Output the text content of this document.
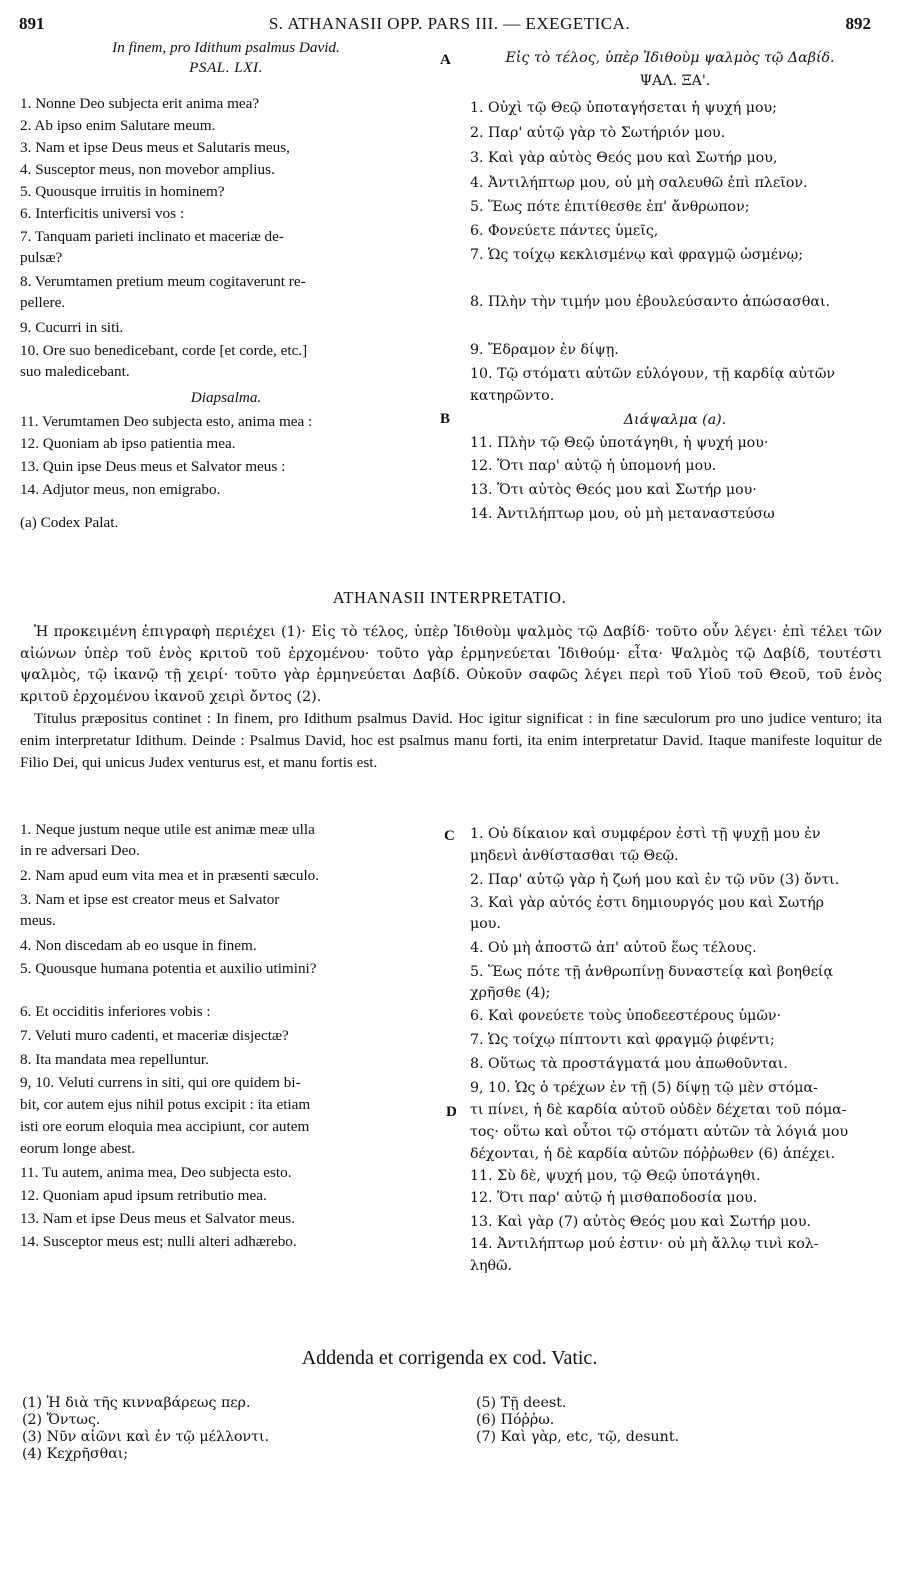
891	S. ATHANASII OPP. PARS III. — EXEGETICA.	892
In finem, pro Idithum psalmus David.
PSAL. LXI.
1. Nonne Deo subjecta erit anima mea?
2. Ab ipso enim Salutare meum.
3. Nam et ipse Deus meus et Salutaris meus,
4. Susceptor meus, non movebor amplius.
5. Quousque irruitis in hominem?
6. Interficitis universi vos :
7. Tanquam parieti inclinato et maceriæ de-
pulsæ?
8. Verumtamen pretium meum cogitaverunt re-
pellere.
9. Cucurri in siti.
10. Ore suo benedicebant, corde [et corde, etc.]
suo maledicebant.
Diapsalma.
11. Verumtamen Deo subjecta esto, anima mea :
12. Quoniam ab ipso patientia mea.
13. Quin ipse Deus meus et Salvator meus :
14. Adjutor meus, non emigrabo.
(a) Codex Palat.
A
B
C
D
Εἰς τὸ τέλος, ὑπὲρ Ἰδιθοὺμ ψαλμὸς τῷ Δαβίδ.
ΨΑΛ. ΞΑ'.
1. Οὐχὶ τῷ Θεῷ ὑποταγήσεται ἡ ψυχή μου;
2. Παρ' αὐτῷ γὰρ τὸ Σωτήριόν μου.
3. Καὶ γὰρ αὐτὸς Θεός μου καὶ Σωτήρ μου,
4. Ἀντιλήπτωρ μου, οὐ μὴ σαλευθῶ ἐπὶ πλεῖον.
5. Ἕως πότε ἐπιτίθεσθε ἐπ' ἄνθρωπον;
6. Φονεύετε πάντες ὑμεῖς,
7. Ὡς τοίχῳ κεκλισμένῳ καὶ φραγμῷ ὠσμένῳ;
8. Πλὴν τὴν τιμήν μου ἐβουλεύσαντο ἀπώσασθαι.
9. Ἔδραμον ἐν δίψῃ.
10. Τῷ στόματι αὐτῶν εὐλόγουν, τῇ καρδίᾳ αὐτῶν
κατηρῶντο.
Διάψαλμα (a).
11. Πλὴν τῷ Θεῷ ὑποτάγηθι, ἡ ψυχή μου·
12. Ὅτι παρ' αὐτῷ ἡ ὑπομονή μου.
13. Ὅτι αὐτὸς Θεός μου καὶ Σωτήρ μου·
14. Ἀντιλήπτωρ μου, οὐ μὴ μεταναστεύσω
ATHANASII INTERPRETATIO.

Ἡ προκειμένη ἐπιγραφὴ περιέχει (1)· Εἰς τὸ τέλος, ὑπὲρ Ἰδιθοὺμ ψαλμὸς τῷ Δαβίδ· τοῦτο οὖν λέγει· ἐπὶ τέλει τῶν αἰώνων ὑπὲρ τοῦ ἑνὸς κριτοῦ τοῦ ἐρχομένου· τοῦτο γὰρ ἑρμηνεύεται Ἰδιθούμ· εἶτα· Ψαλμὸς τῷ Δαβίδ, τουτέστι ψαλμὸς, τῷ ἱκανῷ τῇ χειρί· τοῦτο γὰρ ἑρμηνεύεται Δαβίδ. Οὐκοῦν σαφῶς λέγει περὶ τοῦ Υἱοῦ τοῦ Θεοῦ, τοῦ ἑνὸς κριτοῦ ἐρχομένου ἱκανοῦ χειρὶ ὄντος (2).

Titulus præpositus continet : In finem, pro Idithum psalmus David. Hoc igitur significat : in fine sæculorum pro uno judice venturo; ita enim interpretatur Idithum. Deinde : Psalmus David, hoc est psalmus manu forti, ita enim interpretatur David. Itaque manifeste loquitur de Filio Dei, qui unicus Judex venturus est, et manu fortis est.

1. Neque justum neque utile est animæ meæ ulla
in re adversari Deo.
2. Nam apud eum vita mea et in præsenti sæculo.
3. Nam et ipse est creator meus et Salvator
meus.
4. Non discedam ab eo usque in finem.
5. Quousque humana potentia et auxilio utimini?
6. Et occiditis inferiores vobis :
7. Veluti muro cadenti, et maceriæ disjectæ?
8. Ita mandata mea repelluntur.
9, 10. Veluti currens in siti, qui ore quidem bi-
bit, cor autem ejus nihil potus excipit : ita etiam
isti ore eorum eloquia mea accipiunt, cor autem
eorum longe abest.
11. Tu autem, anima mea, Deo subjecta esto.
12. Quoniam apud ipsum retributio mea.
13. Nam et ipse Deus meus et Salvator meus.
14. Susceptor meus est; nulli alteri adhærebo.
1. Οὐ δίκαιον καὶ συμφέρον ἐστὶ τῇ ψυχῇ μου ἐν
μηδενὶ ἀνθίστασθαι τῷ Θεῷ.
2. Παρ' αὐτῷ γὰρ ἡ ζωή μου καὶ ἐν τῷ νῦν (3) ὄντι.
3. Καὶ γὰρ αὐτός ἐστι δημιουργός μου καὶ Σωτήρ
μου.
4. Οὐ μὴ ἀποστῶ ἀπ' αὐτοῦ ἕως τέλους.
5. Ἕως πότε τῇ ἀνθρωπίνῃ δυναστείᾳ καὶ βοηθείᾳ
χρῆσθε (4);
6. Καὶ φονεύετε τοὺς ὑποδεεστέρους ὑμῶν·
7. Ὡς τοίχῳ πίπτοντι καὶ φραγμῷ ῥιφέντι;
8. Οὕτως τὰ προστάγματά μου ἀπωθοῦνται.
9, 10. Ὡς ὁ τρέχων ἐν τῇ (5) δίψῃ τῷ μὲν στόμα-
τι πίνει, ἡ δὲ καρδία αὐτοῦ οὐδὲν δέχεται τοῦ πόμα-
τος· οὕτω καὶ οὗτοι τῷ στόματι αὐτῶν τὰ λόγιά μου
δέχονται, ἡ δὲ καρδία αὐτῶν πόῤῥωθεν (6) ἀπέχει.
11. Σὺ δὲ, ψυχή μου, τῷ Θεῷ ὑποτάγηθι.
12. Ὅτι παρ' αὐτῷ ἡ μισθαποδοσία μου.
13. Καὶ γὰρ (7) αὐτὸς Θεός μου καὶ Σωτήρ μου.
14. Ἀντιλήπτωρ μού ἐστιν· οὐ μὴ ἄλλῳ τινὶ κολ-
ληθῶ.
Addenda et corrigenda ex cod. Vatic.
(1) Ἡ διὰ τῆς κινναβάρεως περ.
(2) Ὄντως.
(3) Νῦν αἰῶνι καὶ ἐν τῷ μέλλοντι.
(4) Κεχρῆσθαι;
(5) Τῇ deest.
(6) Πόῤῥω.
(7) Καὶ γὰρ, etc, τῷ, desunt.
